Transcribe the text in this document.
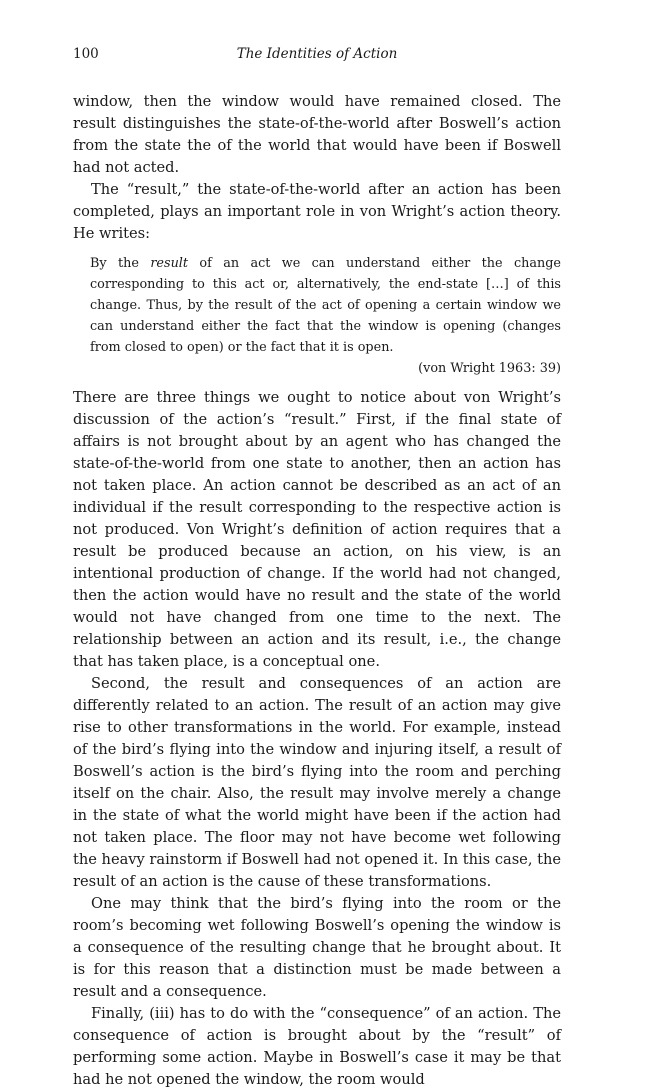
100	The Identities of Action

window, then the window would have remained closed. The result distinguishes the state-of-the-world after Boswell’s action from the state the of the world that would have been if Boswell had not acted.

The “result,” the state-of-the-world after an action has been completed, plays an important role in von Wright’s action theory. He writes:

By the result of an act we can understand either the change corresponding to this act or, alternatively, the end-state […] of this change. Thus, by the result of the act of opening a certain window we can understand either the fact that the window is opening (changes from closed to open) or the fact that it is open.
(von Wright 1963: 39)

There are three things we ought to notice about von Wright’s discussion of the action’s “result.” First, if the final state of affairs is not brought about by an agent who has changed the state-of-the-world from one state to another, then an action has not taken place. An action cannot be described as an act of an individual if the result corresponding to the respective action is not produced. Von Wright’s definition of action requires that a result be produced because an action, on his view, is an intentional production of change. If the world had not changed, then the action would have no result and the state of the world would not have changed from one time to the next. The relationship between an action and its result, i.e., the change that has taken place, is a conceptual one.

Second, the result and consequences of an action are differently related to an action. The result of an action may give rise to other transformations in the world. For example, instead of the bird’s flying into the window and injuring itself, a result of Boswell’s action is the bird’s flying into the room and perching itself on the chair. Also, the result may involve merely a change in the state of what the world might have been if the action had not taken place. The floor may not have become wet following the heavy rainstorm if Boswell had not opened it. In this case, the result of an action is the cause of these transformations.

One may think that the bird’s flying into the room or the room’s becoming wet following Boswell’s opening the window is a consequence of the resulting change that he brought about. It is for this reason that a distinction must be made between a result and a consequence.

Finally, (iii) has to do with the “consequence” of an action. The consequence of action is brought about by the “result” of performing some action. Maybe in Boswell’s case it may be that had he not opened the window, the room would
